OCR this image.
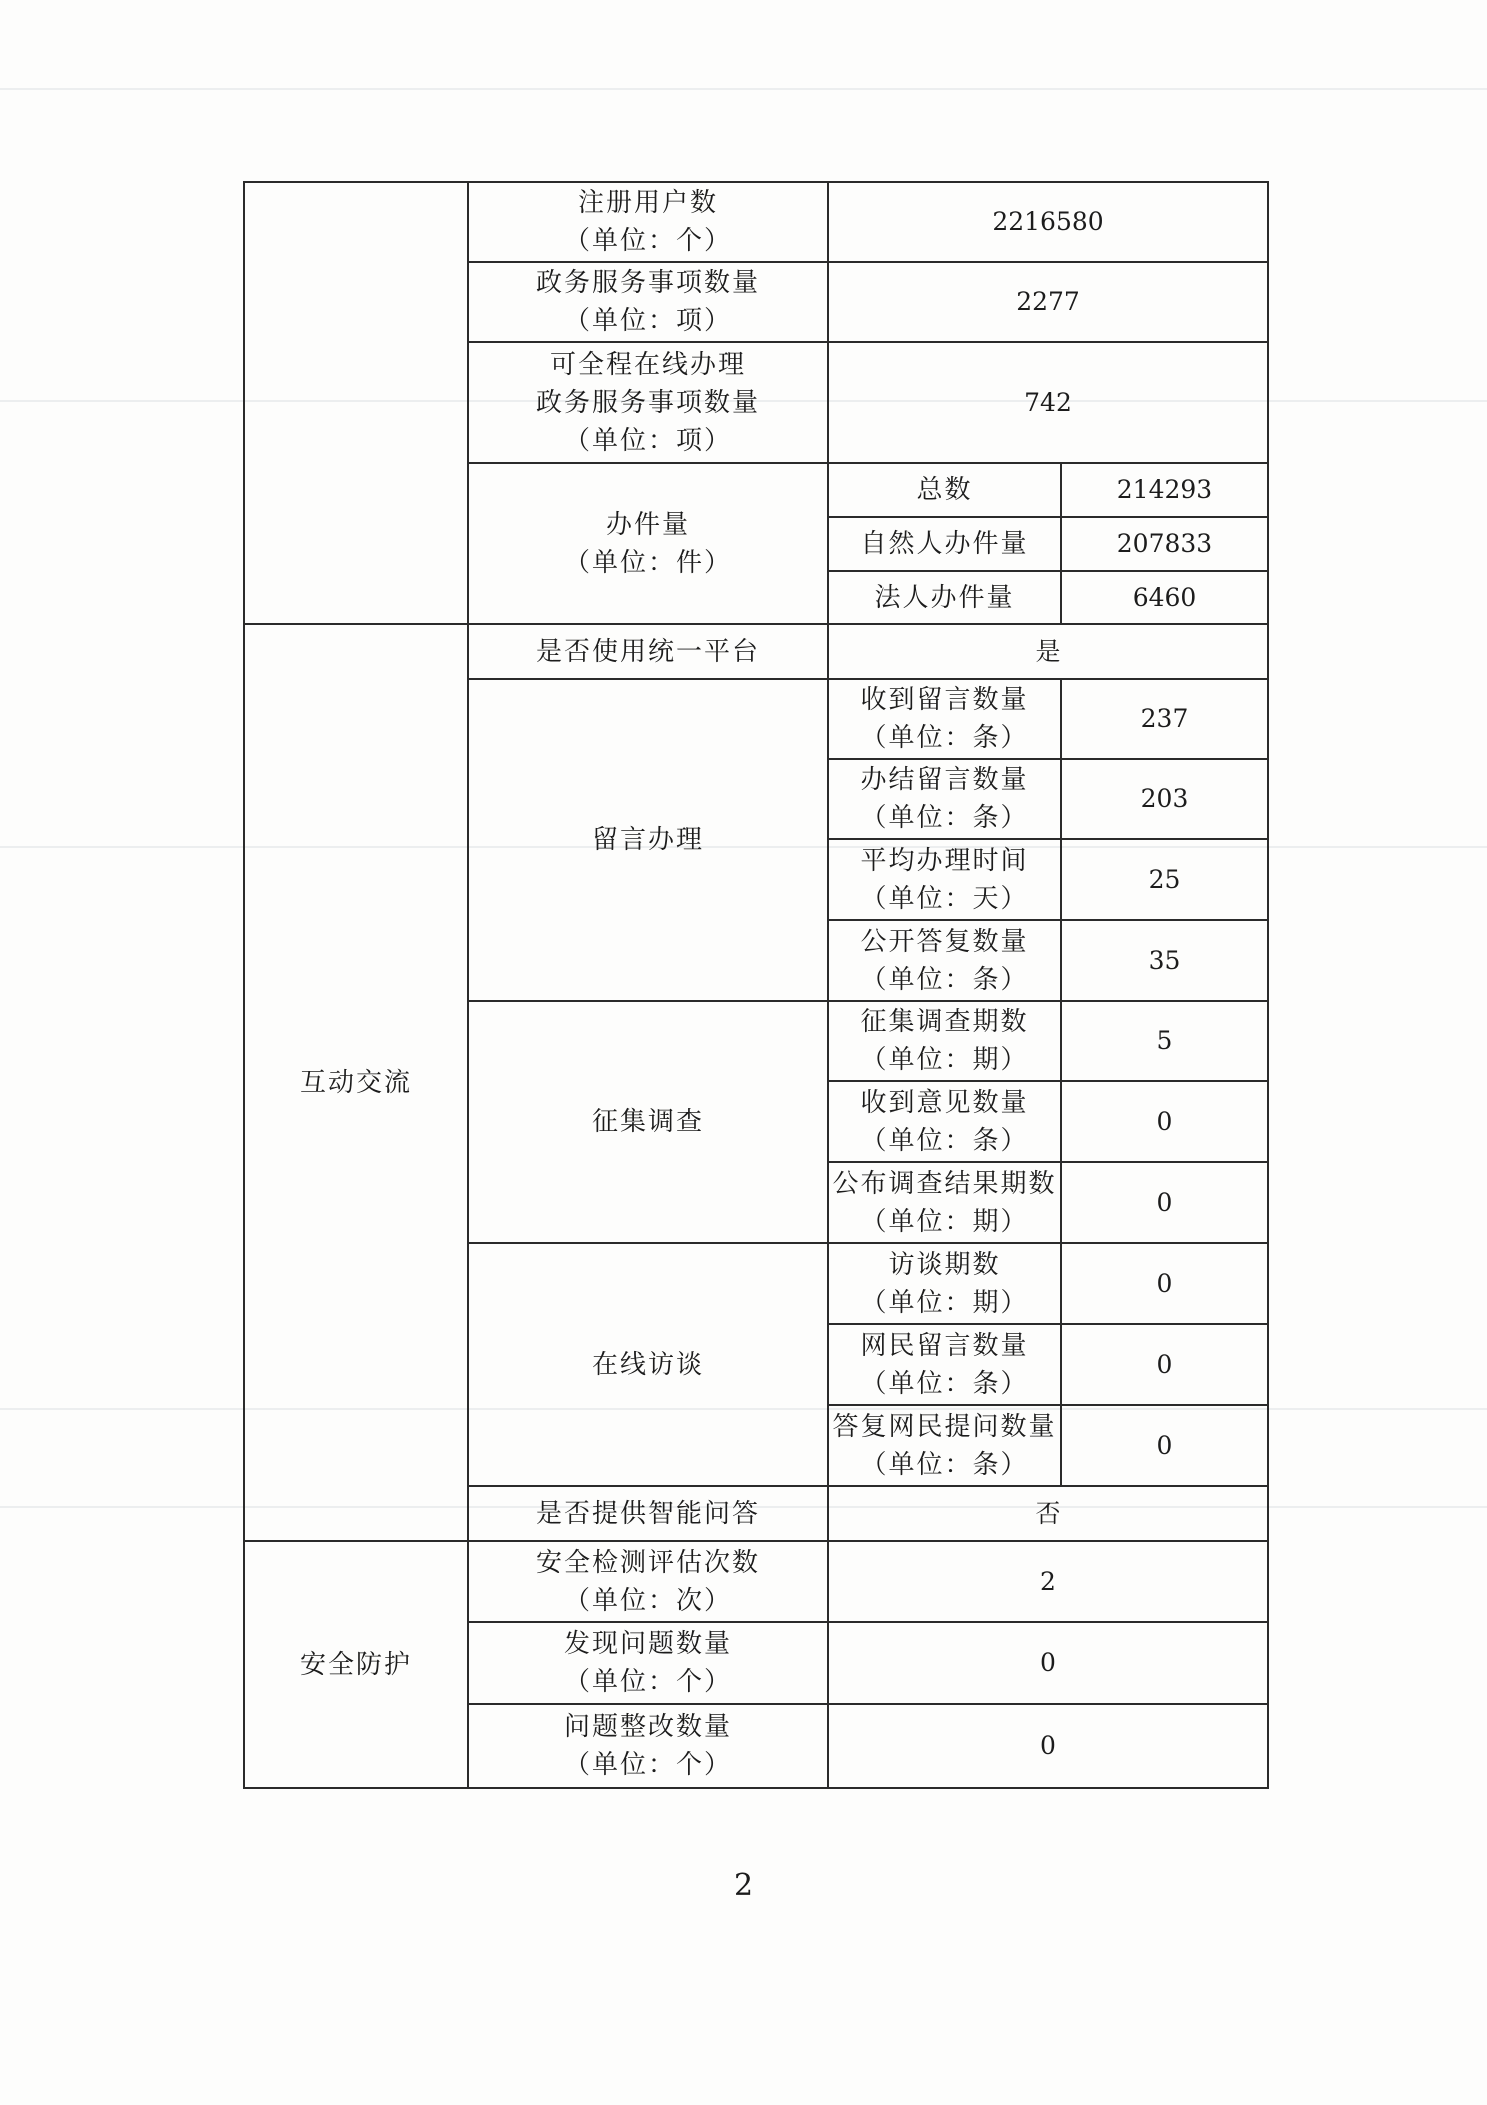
	注册用户数
（单位：个）	2216580	

	政务服务事项数量
（单位：项）	2277	

	可全程在线办理
政务服务事项数量
（单位：项）	742	

	办件量
（单位：件）	总数	214293

		自然人办件量	207833

		法人办件量	6460
互动交流	是否使用统一平台	是	

	留言办理	收到留言数量
（单位：条）	237

		办结留言数量
（单位：条）	203

		平均办理时间
（单位：天）	25

		公开答复数量
（单位：条）	35

	征集调查	征集调查期数
（单位：期）	5

		收到意见数量
（单位：条）	0

		公布调查结果期数
（单位：期）	0

	在线访谈	访谈期数
（单位：期）	0

		网民留言数量
（单位：条）	0

		答复网民提问数量
（单位：条）	0

	是否提供智能问答	否	
安全防护	安全检测评估次数
（单位：次）	2	

	发现问题数量
（单位：个）	0	

	问题整改数量
（单位：个）	0	
2
